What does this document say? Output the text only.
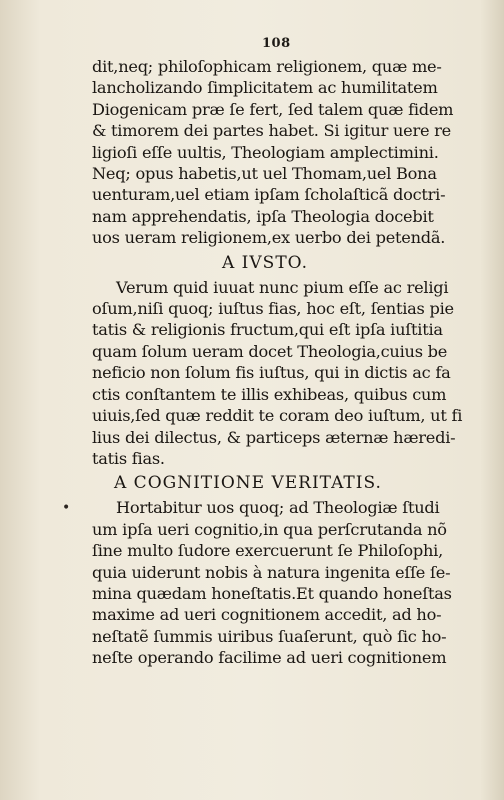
108
•
dit,neq; philoſophicam religionem, quæ me-
lancholizando ſimplicitatem ac humilitatem
Diogenicam præ ſe fert, ſed talem quæ fidem
& timorem dei partes habet. Si igitur uere re
ligioſi eſſe uultis, Theologiam amplectimini.
Neq; opus habetis,ut uel Thomam,uel Bona
uenturam,uel etiam ipſam ſcholaſticã doctri-
nam apprehendatis, ipſa Theologia docebit
uos ueram religionem,ex uerbo dei petendã.
A IVSTO.
Verum quid iuuat nunc pium eſſe ac religi
oſum,niſi quoq; iuſtus fias, hoc eſt, ſentias pie
tatis & religionis fructum,qui eſt ipſa iuſtitia
quam ſolum ueram docet Theologia,cuius be
neficio non ſolum fis iuſtus, qui in dictis ac fa
ctis conſtantem te illis exhibeas, quibus cum
uiuis,ſed quæ reddit te coram deo iuſtum, ut fi
lius dei dilectus, & particeps æternæ hæredi-
tatis fias.
A COGNITIONE VERITATIS.
Hortabitur uos quoq; ad Theologiæ ſtudi
um ipſa ueri cognitio,in qua perſcrutanda nõ
ſine multo ſudore exercuerunt ſe Philoſophi,
quia uiderunt nobis à natura ingenita eſſe ſe-
mina quædam honeſtatis.Et quando honeſtas
maxime ad ueri cognitionem accedit, ad ho-
neſtatẽ ſummis uiribus ſuaſerunt, quò ſic ho-
neſte operando facilime ad ueri cognitionem
